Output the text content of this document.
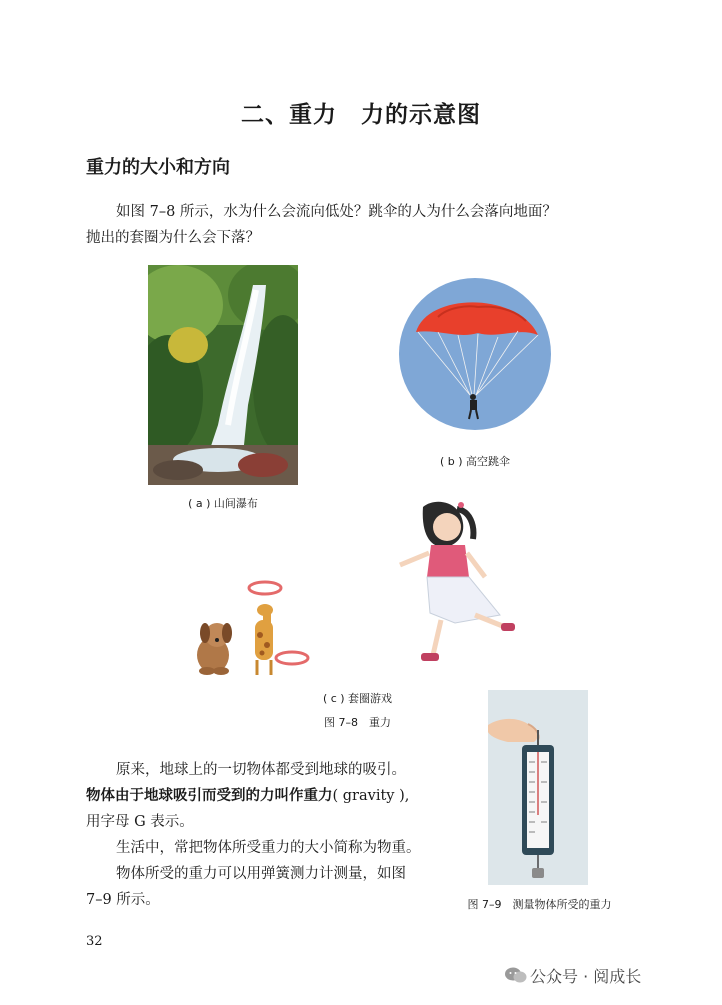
二、重力　力的示意图
重力的大小和方向

如图 7–8 所示，水为什么会流向低处？跳伞的人为什么会落向地面？

抛出的套圈为什么会下落？

( a ) 山间瀑布
( b ) 高空跳伞
( c ) 套圈游戏
图 7–8　重力

原来，地球上的一切物体都受到地球的吸引。

物体由于地球吸引而受到的力叫作重力( gravity ),

用字母 G 表示。

生活中，常把物体所受重力的大小简称为物重。

物体所受的重力可以用弹簧测力计测量，如图

7–9 所示。	图 7–9　测量物体所受的重力
32
公众号 · 阅成长
